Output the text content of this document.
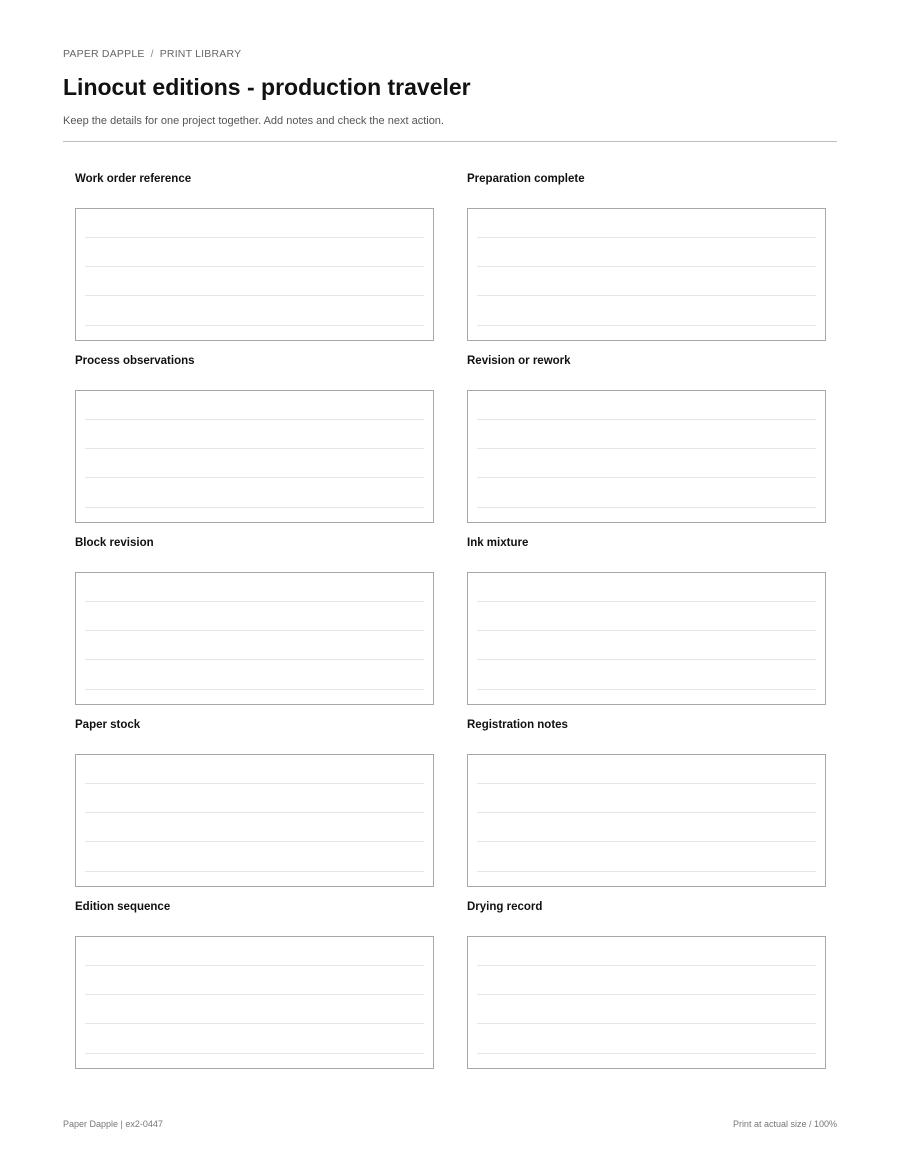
PAPER DAPPLE / PRINT LIBRARY
Linocut editions - production traveler
Keep the details for one project together. Add notes and check the next action.
Work order reference	Preparation complete
Process observations	Revision or rework
Block revision	Ink mixture
Paper stock	Registration notes
Edition sequence	Drying record
Paper Dapple | ex2-0447	Print at actual size / 100%
